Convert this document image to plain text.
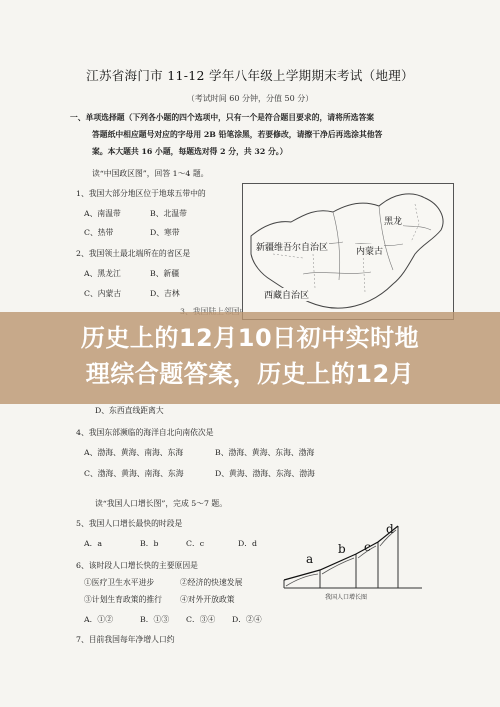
江苏省海门市 11-12 学年八年级上学期期末考试（地理）
（考试时间 60 分钟，分值 50 分）
一、单项选择题（下列各小题的四个选项中，只有一个是符合题目要求的，请将所选答案
答题纸中相应题号对应的字母用 2B 铅笔涂黑，若要修改，请擦干净后再选涂其他答
案。本大题共 16 小题，每题选对得 2 分，共 32 分。）
读“中国政区图”，回答 1～4 题。
1、我国大部分地区位于地球五带中的
A、南温带	B、北温带
C、热带	D、寒带
2、我国领土最北端所在的省区是
A、黑龙江	B、新疆
C、内蒙古	D、吉林
黑龙
新疆维吾尔自治区	内蒙古
西藏自治区
D、东西直线距离大
4、我国东部濒临的海洋自北向南依次是
A、渤海、黄海、南海、东海	B、渤海、黄海、东海、渤海
C、渤海、黄海、南海、东海	D、黄海、渤海、东海、渤海
读“我国人口增长图”，完成 5～7 题。
5、我国人口增长最快的时段是
A．a	B．b	C．c	D．d
6、该时段人口增长快的主要原因是
①医疗卫生水平进步	②经济的快速发展
③计划生育政策的推行 ④对外开放政策
A．①②	B．①③ C．③④ D．②④
7、目前我国每年净增人口约
a
b c
d
我国人口增长图
历史上的12月10日初中实时地
理综合题答案，历史上的12月
